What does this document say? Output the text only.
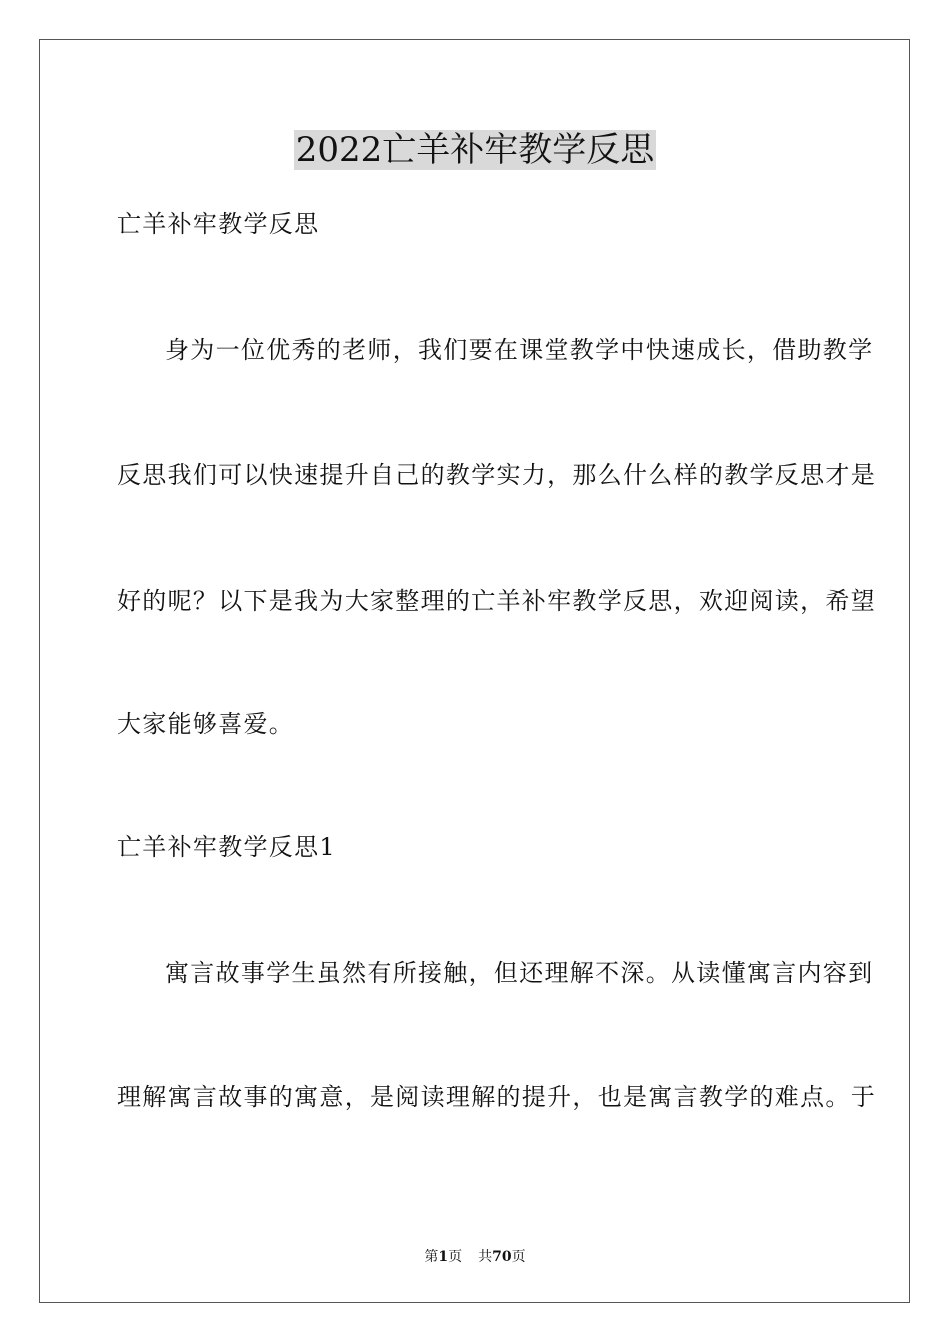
2022亡羊补牢教学反思
亡羊补牢教学反思
身为一位优秀的老师，我们要在课堂教学中快速成长，借助教学
反思我们可以快速提升自己的教学实力，那么什么样的教学反思才是
好的呢？以下是我为大家整理的亡羊补牢教学反思，欢迎阅读，希望
大家能够喜爱。
亡羊补牢教学反思1
寓言故事学生虽然有所接触，但还理解不深。从读懂寓言内容到
理解寓言故事的寓意，是阅读理解的提升，也是寓言教学的难点。于
第1页 共70页
